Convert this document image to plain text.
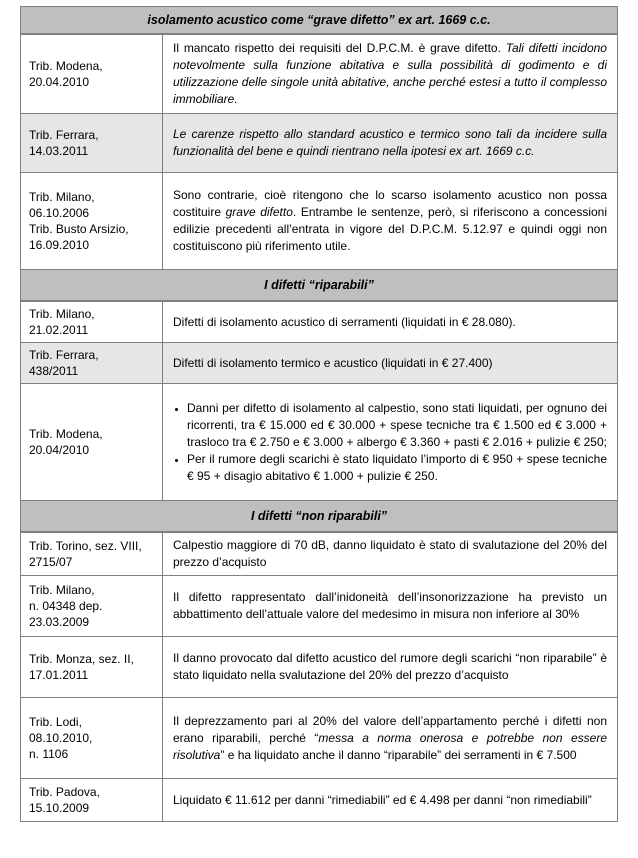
isolamento acustico come “grave difetto” ex art. 1669 c.c.
Trib. Modena,
20.04.2010
Il mancato rispetto dei requisiti del D.P.C.M. è grave difetto. Tali difetti incidono notevolmente sulla funzione abitativa e sulla possibilità di godimento e di utilizzazione delle singole unità abitative, anche perché estesi a tutto il complesso immobiliare.
Trib. Ferrara,
14.03.2011
Le carenze rispetto allo standard acustico e termico sono tali da incidere sulla funzionalità del bene e quindi rientrano nella ipotesi ex art. 1669 c.c.
Trib. Milano,
06.10.2006
Trib. Busto Arsizio,
16.09.2010
Sono contrarie, cioè ritengono che lo scarso isolamento acustico non possa costituire grave difetto. Entrambe le sentenze, però, si riferiscono a concessioni edilizie precedenti all’entrata in vigore del D.P.C.M. 5.12.97 e quindi oggi non costituiscono più riferimento utile.
I difetti “riparabili”
Trib. Milano,
21.02.2011
Difetti di isolamento acustico di serramenti (liquidati in € 28.080).
Trib. Ferrara,
438/2011
Difetti di isolamento termico e acustico (liquidati in € 27.400)
Trib. Modena,
20.04/2010
• Danni per difetto di isolamento al calpestio, sono stati liquidati, per ognuno dei ricorrenti, tra € 15.000 ed € 30.000 + spese tecniche tra € 1.500 ed € 3.000 + trasloco tra € 2.750 e € 3.000 + albergo € 3.360 + pasti € 2.016 + pulizie € 250;
• Per il rumore degli scarichi è stato liquidato l’importo di € 950 + spese tecniche € 95 + disagio abitativo € 1.000 + pulizie € 250.
I difetti “non riparabili”
Trib. Torino, sez. VIII,
2715/07
Calpestio maggiore di 70 dB, danno liquidato è stato di svalutazione del 20% del prezzo d’acquisto
Trib. Milano,
n. 04348 dep.
23.03.2009
Il difetto rappresentato dall’inidoneità dell’insonorizzazione ha previsto un abbattimento dell’attuale valore del medesimo in misura non inferiore al 30%
Trib. Monza, sez. II,
17.01.2011
Il danno provocato dal difetto acustico del rumore degli scarichi “non riparabile” è stato liquidato nella svalutazione del 20% del prezzo d’acquisto
Trib. Lodi,
08.10.2010,
n. 1106
Il deprezzamento pari al 20% del valore dell’appartamento perché i difetti non erano riparabili, perché “messa a norma onerosa e potrebbe non essere risolutiva” e ha liquidato anche il danno “riparabile” dei serramenti in € 7.500
Trib. Padova,
15.10.2009
Liquidato € 11.612 per danni “rimediabili” ed € 4.498 per danni “non rimediabili”
